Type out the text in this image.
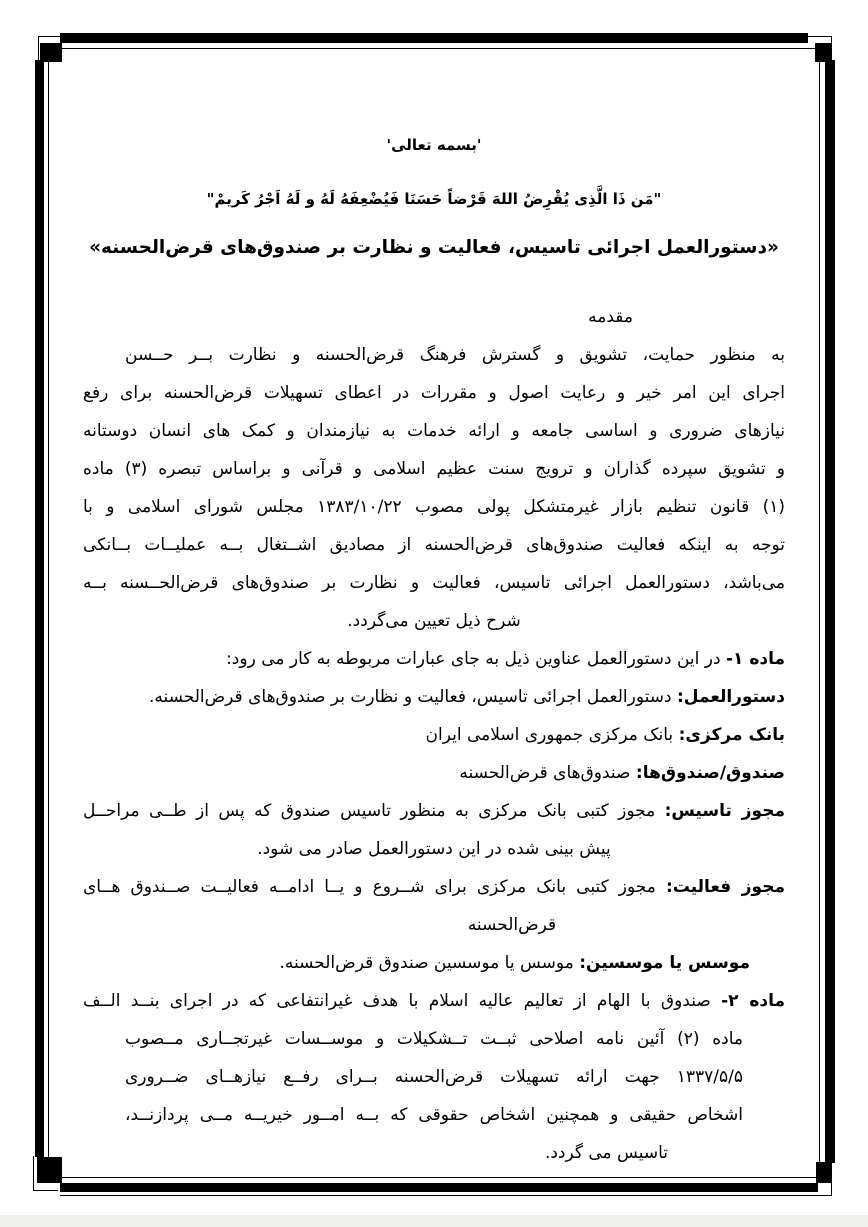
'بسمه تعالی'
"مَن ذَا الَّذِی یُقْرِضُ اللهَ قَرْضاً حَسَنَا فَیُضْعِفَهُ لَهُ و لَهُ اَجْرُ کَریمْ"
«دستورالعمل اجرائی تاسیس، فعالیت و نظارت بر صندوق‌های قرض‌الحسنه»
مقدمه
به منظور حمایت، تشویق و گسترش فرهنگ قرض‌الحسنه و نظارت بــر حــسن
اجرای این امر خیر و رعایت اصول و مقررات در اعطای تسهیلات قرض‌الحسنه برای رفع
نیازهای ضروری و اساسی جامعه و ارائه خدمات به نیازمندان و کمک های انسان دوستانه
و تشویق سپرده گذاران و ترویج سنت عظیم اسلامی و قرآنی و براساس تبصره (۳) ماده
(۱) قانون تنظیم بازار غیرمتشکل پولی مصوب ۱۳۸۳/۱۰/۲۲ مجلس شورای اسلامی و با
توجه به اینکه فعالیت صندوق‌های قرض‌الحسنه از مصادیق اشــتغال بــه عملیــات بــانکی
می‌باشد، دستورالعمل اجرائی تاسیس، فعالیت و نظارت بر صندوق‌های قرض‌الحــسنه بــه
شرح ذیل تعیین می‌گردد.
ماده ۱- در این دستورالعمل عناوین ذیل به جای عبارات مربوطه به کار می رود:
دستورالعمل: دستورالعمل اجرائی تاسیس، فعالیت و نظارت بر صندوق‌های قرض‌الحسنه.
بانک مرکزی: بانک مرکزی جمهوری اسلامی ایران
صندوق/صندوق‌ها: صندوق‌های قرض‌الحسنه
مجوز تاسیس: مجوز کتبی بانک مرکزی به منظور تاسیس صندوق که پس از طــی مراحــل
پیش بینی شده در این دستورالعمل صادر می شود.
مجوز فعالیت: مجوز کتبی بانک مرکزی برای شــروع و یــا ادامــه فعالیــت صــندوق هــای
قرض‌الحسنه
موسس یا موسسین: موسس یا موسسین صندوق قرض‌الحسنه.
ماده ۲- صندوق با الهام از تعالیم عالیه اسلام با هدف غیرانتفاعی که در اجرای بنــد الــف
ماده (۲) آئین نامه اصلاحی ثبــت تــشکیلات و موســسات غیرتجــاری مــصوب
۱۳۳۷/۵/۵ جهت ارائه تسهیلات قرض‌الحسنه بــرای رفــع نیازهــای ضــروری
اشخاص حقیقی و همچنین اشخاص حقوقی که بــه امــور خیریــه مــی پردازنــد،
تاسیس می گردد.
